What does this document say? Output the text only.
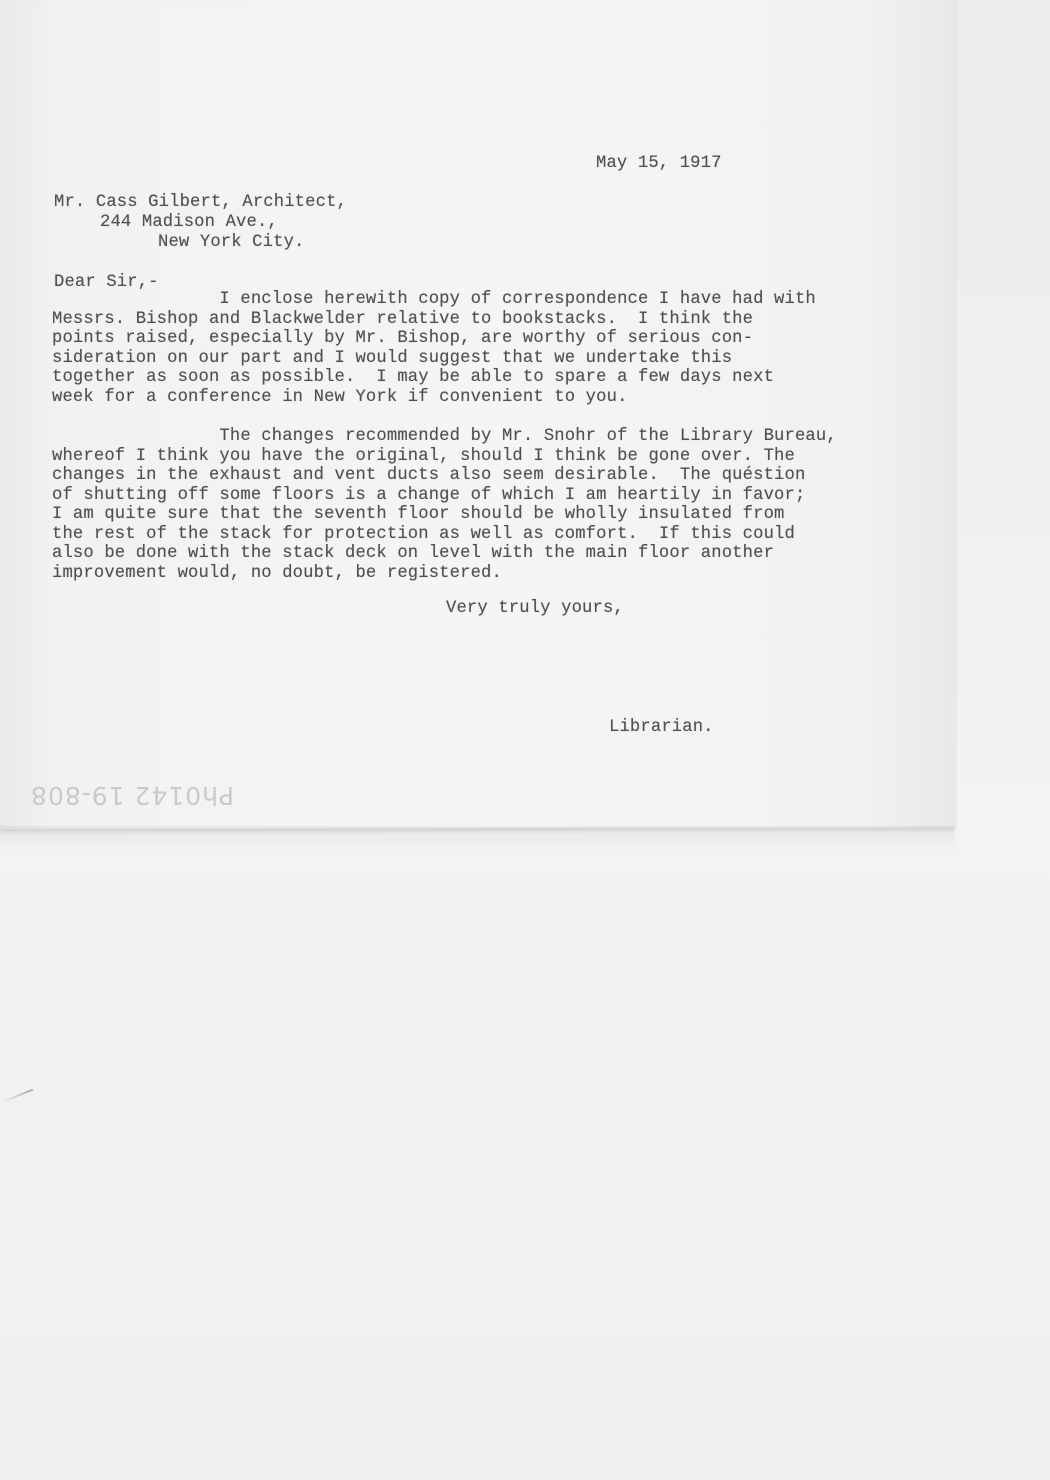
May 15, 1917
Mr. Cass Gilbert, Architect,
244 Madison Ave.,
New York City.
Dear Sir,-
I enclose herewith copy of correspondence I have had with
Messrs. Bishop and Blackwelder relative to bookstacks.  I think the
points raised, especially by Mr. Bishop, are worthy of serious con-
sideration on our part and I would suggest that we undertake this
together as soon as possible.  I may be able to spare a few days next
week for a conference in New York if convenient to you.
The changes recommended by Mr. Snohr of the Library Bureau,
whereof I think you have the original, should I think be gone over. The
changes in the exhaust and vent ducts also seem desirable.  The quéstion
of shutting off some floors is a change of which I am heartily in favor;
I am quite sure that the seventh floor should be wholly insulated from
the rest of the stack for protection as well as comfort.  If this could
also be done with the stack deck on level with the main floor another
improvement would, no doubt, be registered.
Very truly yours,
Librarian.
Ph0142 19-808
